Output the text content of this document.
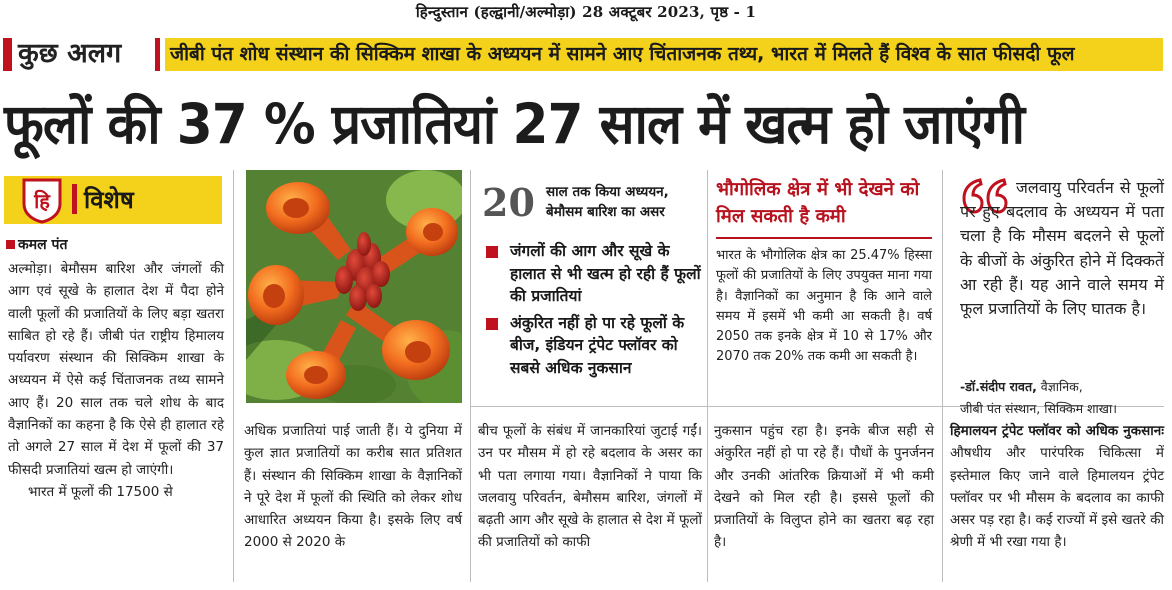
हिन्दुस्तान (हल्द्वानी/अल्मोड़ा) 28 अक्टूबर 2023, पृष्ठ - 1
कुछ अलग	जीबी पंत शोध संस्थान की सिक्किम शाखा के अध्ययन में सामने आए चिंताजनक तथ्य, भारत में मिलते हैं विश्व के सात फीसदी फूल
फूलों की 37 % प्रजातियां 27 साल में खत्म हो जाएंगी
हि विशेष
कमल पंत

अल्मोड़ा। बेमौसम बारिश और जंगलों की आग एवं सूखे के हालात देश में पैदा होने वाली फूलों की प्रजातियों के लिए बड़ा खतरा साबित हो रहे हैं। जीबी पंत राष्ट्रीय हिमालय पर्यावरण संस्थान की सिक्किम शाखा के अध्ययन में ऐसे कई चिंताजनक तथ्य सामने आए हैं। 20 साल तक चले शोध के बाद वैज्ञानिकों का कहना है कि ऐसे ही हालात रहे तो अगले 27 साल में देश में फूलों की 37 फीसदी प्रजातियां खत्म हो जाएंगी।

भारत में फूलों की 17500 से

20 साल तक किया अध्ययन, बेमौसम बारिश का असर
जंगलों की आग और सूखे के हालात से भी खत्म हो रही हैं फूलों की प्रजातियां
अंकुरित नहीं हो पा रहे फूलों के बीज, इंडियन ट्रंपेट फ्लॉवर को सबसे अधिक नुकसान
भौगोलिक क्षेत्र में भी देखने को मिल सकती है कमी
भारत के भौगोलिक क्षेत्र का 25.47% हिस्सा फूलों की प्रजातियों के लिए उपयुक्त माना गया है। वैज्ञानिकों का अनुमान है कि आने वाले समय में इसमें भी कमी आ सकती है। वर्ष 2050 तक इनके क्षेत्र में 10 से 17% और 2070 तक 20% तक कमी आ सकती है।
जलवायु परिवर्तन से फूलों पर हुए बदलाव के अध्ययन में पता चला है कि मौसम बदलने से फूलों के बीजों के अंकुरित होने में दिक्कतें आ रही हैं। यह आने वाले समय में फूल प्रजातियों के लिए घातक है।
-डॉ.संदीप रावत, वैज्ञानिक,
जीबी पंत संस्थान, सिक्किम शाखा।
अधिक प्रजातियां पाई जाती हैं। ये दुनिया में कुल ज्ञात प्रजातियों का करीब सात प्रतिशत हैं। संस्थान की सिक्किम शाखा के वैज्ञानिकों ने पूरे देश में फूलों की स्थिति को लेकर शोध आधारित अध्ययन किया है। इसके लिए वर्ष 2000 से 2020 के
बीच फूलों के संबंध में जानकारियां जुटाई गईं। उन पर मौसम में हो रहे बदलाव के असर का भी पता लगाया गया। वैज्ञानिकों ने पाया कि जलवायु परिवर्तन, बेमौसम बारिश, जंगलों में बढ़ती आग और सूखे के हालात से देश में फूलों की प्रजातियों को काफी
नुकसान पहुंच रहा है। इनके बीज सही से अंकुरित नहीं हो पा रहे हैं। पौधों के पुनर्जनन और उनकी आंतरिक क्रियाओं में भी कमी देखने को मिल रही है। इससे फूलों की प्रजातियों के विलुप्त होने का खतरा बढ़ रहा है।
हिमालयन ट्रंपेट फ्लॉवर को अधिक नुकसानः औषधीय और पारंपरिक चिकित्सा में इस्तेमाल किए जाने वाले हिमालयन ट्रंपेट फ्लॉवर पर भी मौसम के बदलाव का काफी असर पड़ रहा है। कई राज्यों में इसे खतरे की श्रेणी में भी रखा गया है।
